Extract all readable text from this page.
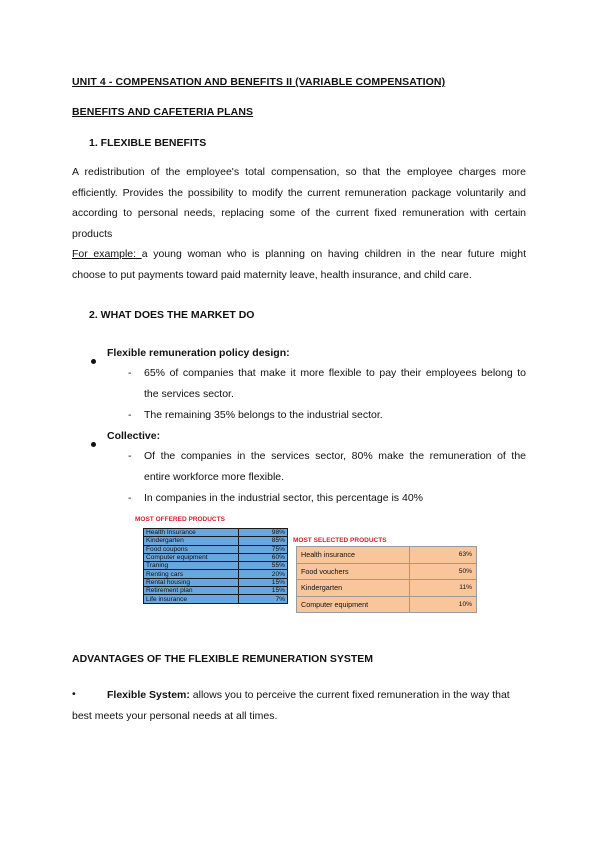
UNIT 4 - COMPENSATION AND BENEFITS II (VARIABLE COMPENSATION)
BENEFITS AND CAFETERIA PLANS
1. FLEXIBLE BENEFITS
A redistribution of the employee's total compensation, so that the employee charges more
efficiently. Provides the possibility to modify the current remuneration package voluntarily and
according to personal needs, replacing some of the current fixed remuneration with certain
products
For example: a young woman who is planning on having children in the near future might
choose to put payments toward paid maternity leave, health insurance, and child care.
2. WHAT DOES THE MARKET DO
Flexible remuneration policy design:
- 65% of companies that make it more flexible to pay their employees belong to
the services sector.
- The remaining 35% belongs to the industrial sector.
Collective:
- Of the companies in the services sector, 80% make the remuneration of the
entire workforce more flexible.
- In companies in the industrial sector, this percentage is 40%
MOST OFFERED PRODUCTS
Health Insurance	98%
Kindergarten	85%
Food coupons	75%
Computer equipment	60%
Traning	55%
Renting cars	20%
Rental housing	15%
Retirement plan	15%
Life insurance	7%
MOST SELECTED PRODUCTS
Health insurance	63%
Food vouchers	50%
Kindergarten	11%
Computer equipment	10%
ADVANTAGES OF THE FLEXIBLE REMUNERATION SYSTEM
•	Flexible System: allows you to perceive the current fixed remuneration in the way that
best meets your personal needs at all times.
